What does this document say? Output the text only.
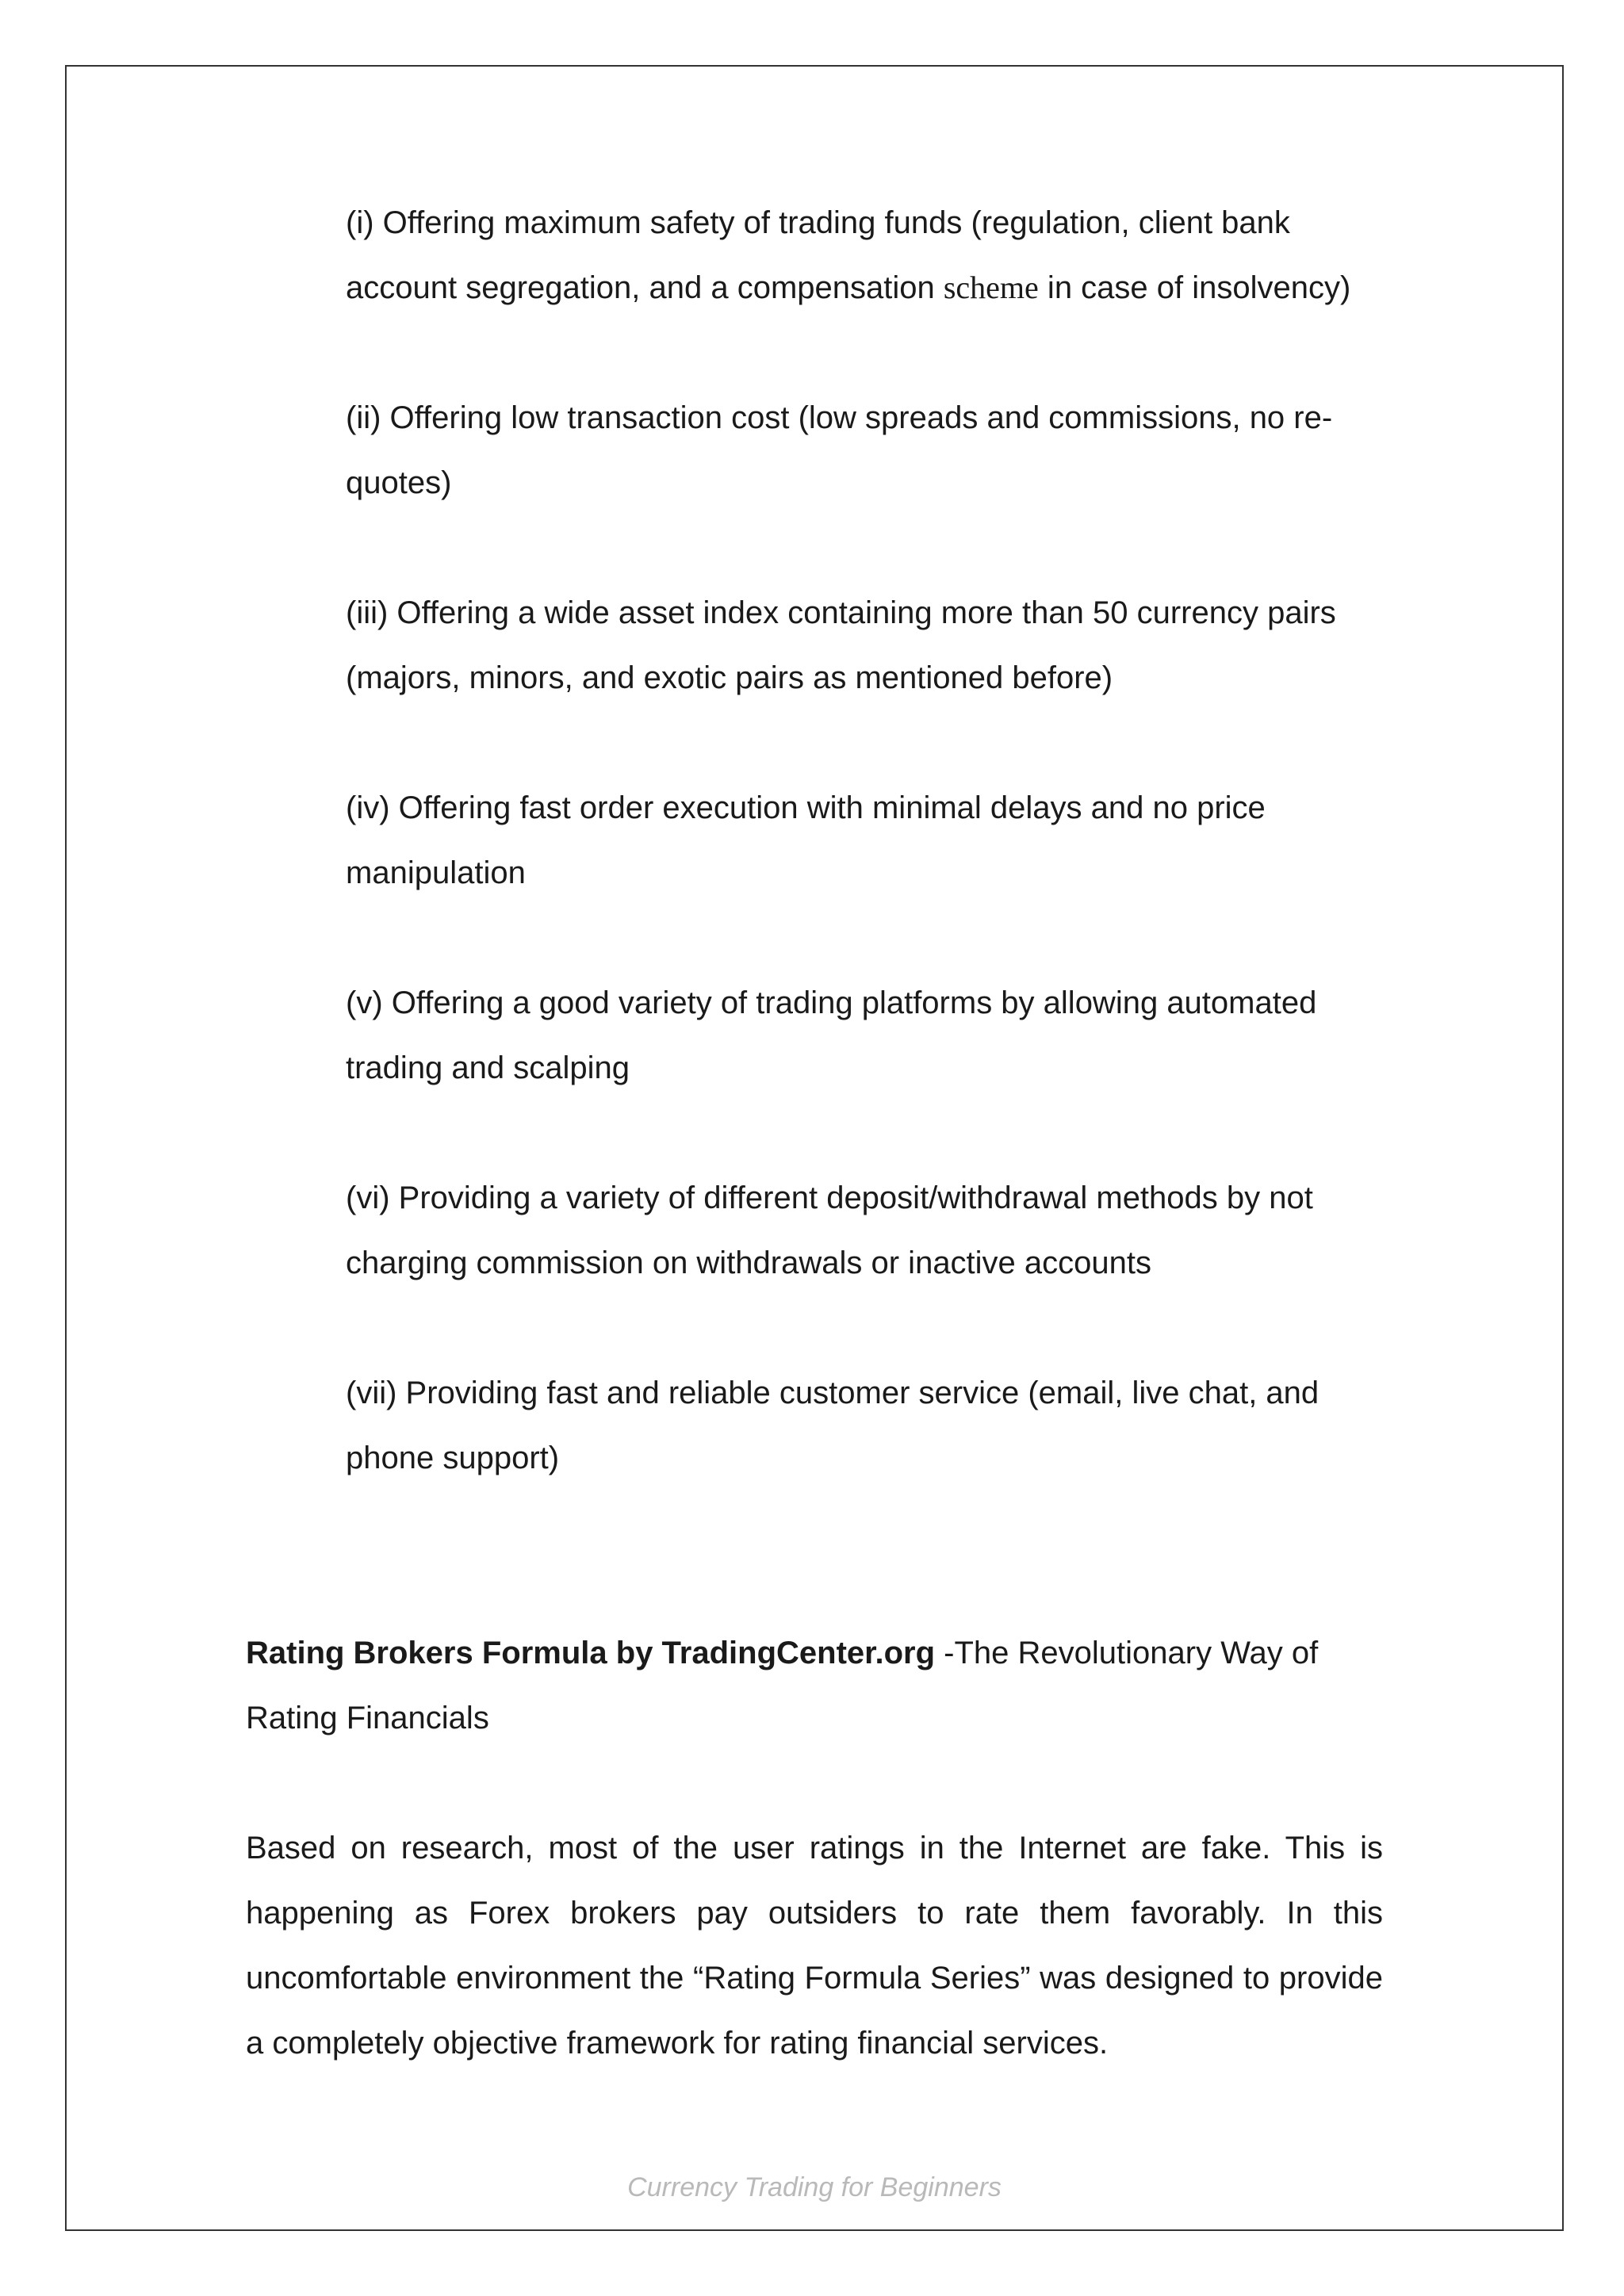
(i) Offering maximum safety of trading funds (regulation, client bank account segregation, and a compensation scheme in case of insolvency)
(ii) Offering low transaction cost (low spreads and commissions, no re-quotes)
(iii) Offering a wide asset index containing more than 50 currency pairs (majors, minors, and exotic pairs as mentioned before)
(iv) Offering fast order execution with minimal delays and no price manipulation
(v) Offering a good variety of trading platforms by allowing automated trading and scalping
(vi) Providing a variety of different deposit/withdrawal methods by not charging commission on withdrawals or inactive accounts
(vii) Providing fast and reliable customer service (email, live chat, and phone support)

Rating Brokers Formula by TradingCenter.org -The Revolutionary Way of Rating Financials

Based on research, most of the user ratings in the Internet are fake. This is happening as Forex brokers pay outsiders to rate them favorably. In this uncomfortable environment the “Rating Formula Series” was designed to provide a completely objective framework for rating financial services.

Currency Trading for Beginners
